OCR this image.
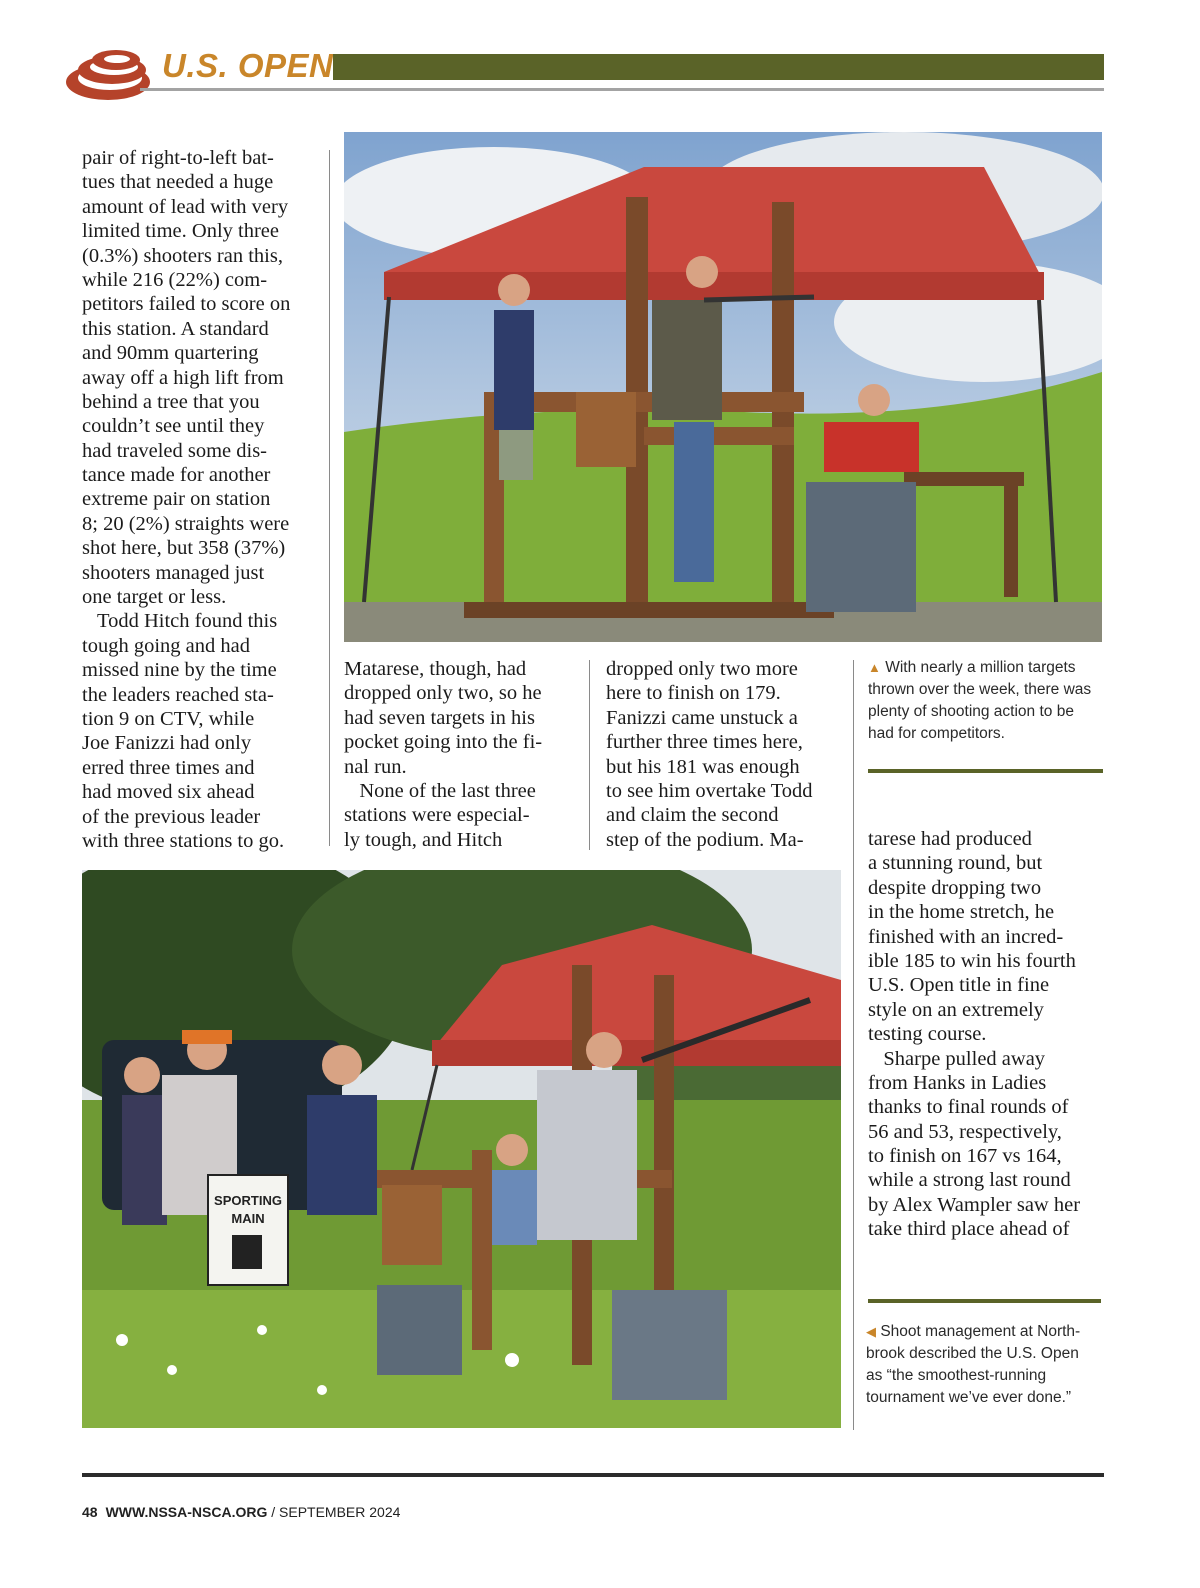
U.S. OPEN
pair of right-to-left bat-
tues that needed a huge
amount of lead with very
limited time. Only three
(0.3%) shooters ran this,
while 216 (22%) com-
petitors failed to score on
this station. A standard
and 90mm quartering
away off a high lift from
behind a tree that you
couldn’t see until they
had traveled some dis-
tance made for another
extreme pair on station
8; 20 (2%) straights were
shot here, but 358 (37%)
shooters managed just
one target or less.
Todd Hitch found this
tough going and had
missed nine by the time
the leaders reached sta-
tion 9 on CTV, while
Joe Fanizzi had only
erred three times and
had moved six ahead
of the previous leader
with three stations to go.
Matarese, though, had
dropped only two, so he
had seven targets in his
pocket going into the fi-
nal run.
None of the last three
stations were especial-
ly tough, and Hitch
dropped only two more
here to finish on 179.
Fanizzi came unstuck a
further three times here,
but his 181 was enough
to see him overtake Todd
and claim the second
step of the podium. Ma-
▲ With nearly a million targets
thrown over the week, there was
plenty of shooting action to be
had for competitors.
tarese had produced
a stunning round, but
despite dropping two
in the home stretch, he
finished with an incred-
ible 185 to win his fourth
U.S. Open title in fine
style on an extremely
testing course.
Sharpe pulled away
from Hanks in Ladies
thanks to final rounds of
56 and 53, respectively,
to finish on 167 vs 164,
while a strong last round
by Alex Wampler saw her
take third place ahead of
SPORTING
MAIN
◀ Shoot management at North-
brook described the U.S. Open
as “the smoothest-running
tournament we’ve ever done.”
48 WWW.NSSA-NSCA.ORG / SEPTEMBER 2024
